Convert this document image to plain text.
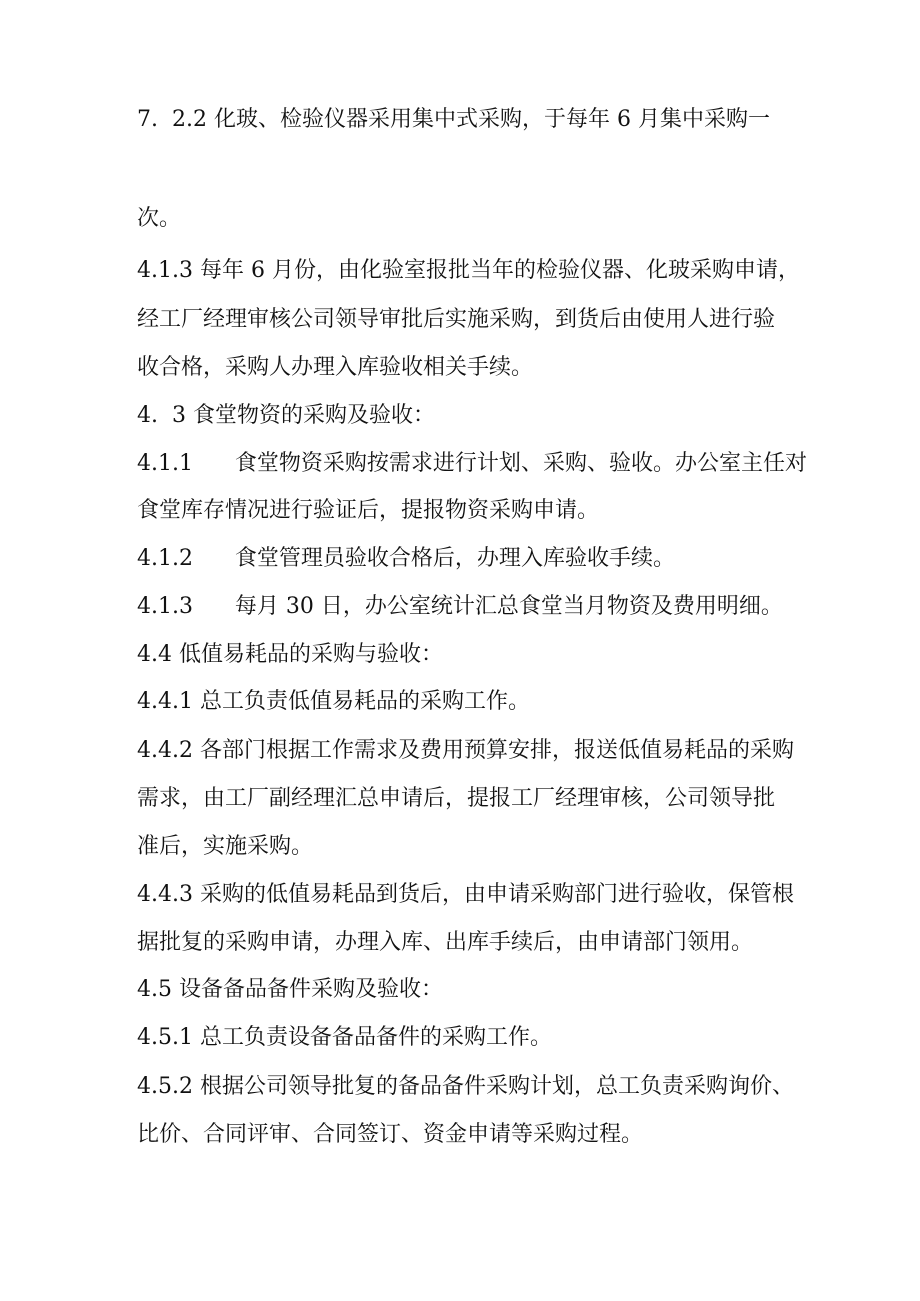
7.  2.2 化玻、检验仪器采用集中式采购，于每年 6 月集中采购一
次。
4.1.3 每年 6 月份，由化验室报批当年的检验仪器、化玻采购申请，
经工厂经理审核公司领导审批后实施采购，到货后由使用人进行验
收合格，采购人办理入库验收相关手续。
4.  3 食堂物资的采购及验收：
4.1.1      食堂物资采购按需求进行计划、采购、验收。办公室主任对
食堂库存情况进行验证后，提报物资采购申请。
4.1.2      食堂管理员验收合格后，办理入库验收手续。
4.1.3      每月 30 日，办公室统计汇总食堂当月物资及费用明细。
4.4 低值易耗品的采购与验收：
4.4.1 总工负责低值易耗品的采购工作。
4.4.2 各部门根据工作需求及费用预算安排，报送低值易耗品的采购
需求，由工厂副经理汇总申请后，提报工厂经理审核，公司领导批
准后，实施采购。
4.4.3 采购的低值易耗品到货后，由申请采购部门进行验收，保管根
据批复的采购申请，办理入库、出库手续后，由申请部门领用。
4.5 设备备品备件采购及验收：
4.5.1 总工负责设备备品备件的采购工作。
4.5.2 根据公司领导批复的备品备件采购计划，总工负责采购询价、
比价、合同评审、合同签订、资金申请等采购过程。
